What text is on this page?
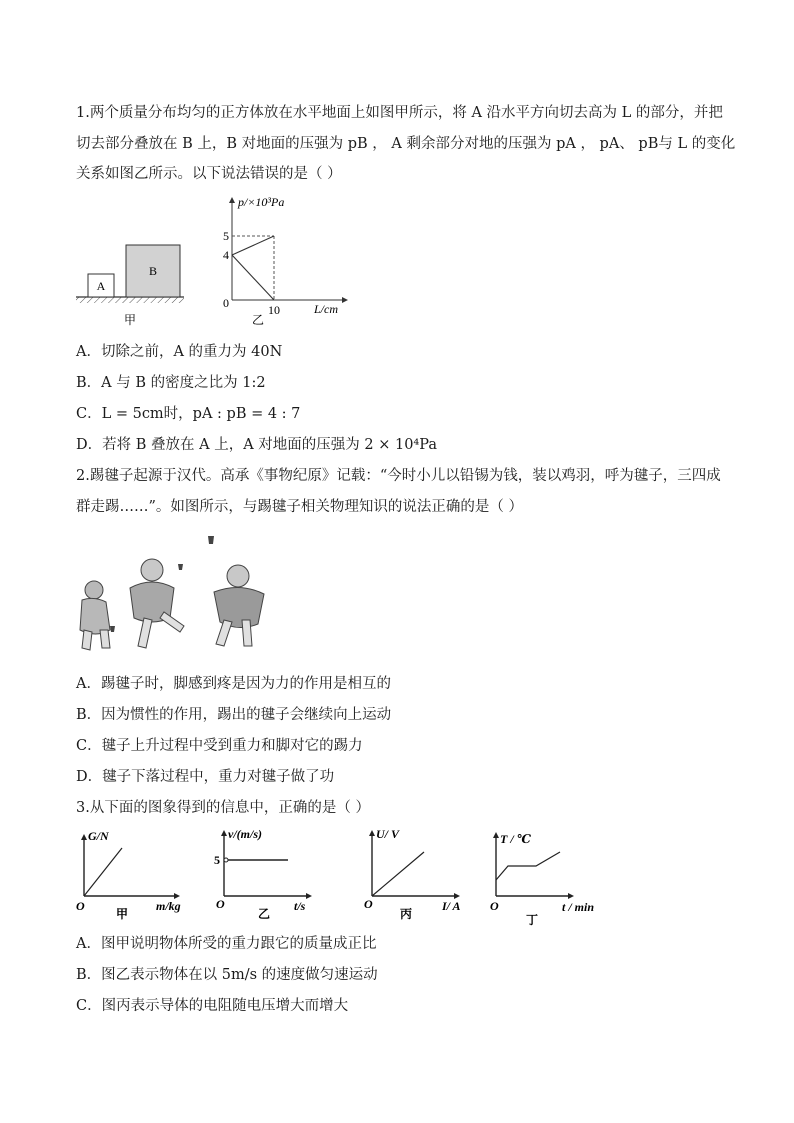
1.两个质量分布均匀的正方体放在水平地面上如图甲所示，将 A 沿水平方向切去高为 L 的部分，并把
切去部分叠放在 B 上，B 对地面的压强为 pB ， A 剩余部分对地的压强为 pA ， pA、 pB与 L 的变化
关系如图乙所示。以下说法错误的是（ ）
A
B
甲
p/×10³Pa
L/cm
5
4
0	10
乙
A．切除之前，A 的重力为 40N
B．A 与 B 的密度之比为 1:2
C．L = 5cm时，pA : pB = 4 : 7
D．若将 B 叠放在 A 上，A 对地面的压强为 2 × 10⁴Pa
2.踢毽子起源于汉代。高承《事物纪原》记载：“今时小儿以铅锡为钱，装以鸡羽，呼为毽子，三四成
群走踢……”。如图所示，与踢毽子相关物理知识的说法正确的是（ ）
A．踢毽子时，脚感到疼是因为力的作用是相互的
B．因为惯性的作用，踢出的毽子会继续向上运动
C．毽子上升过程中受到重力和脚对它的踢力
D．毽子下落过程中，重力对毽子做了功
3.从下面的图象得到的信息中，正确的是（ ）
G/N
O	m/kg
甲
5
v/(m/s)
O	t/s
乙
U/ V
O	I/ A
丙
T / ℃
O	t / min
丁
A．图甲说明物体所受的重力跟它的质量成正比
B．图乙表示物体在以 5m/s 的速度做匀速运动
C．图丙表示导体的电阻随电压增大而增大
